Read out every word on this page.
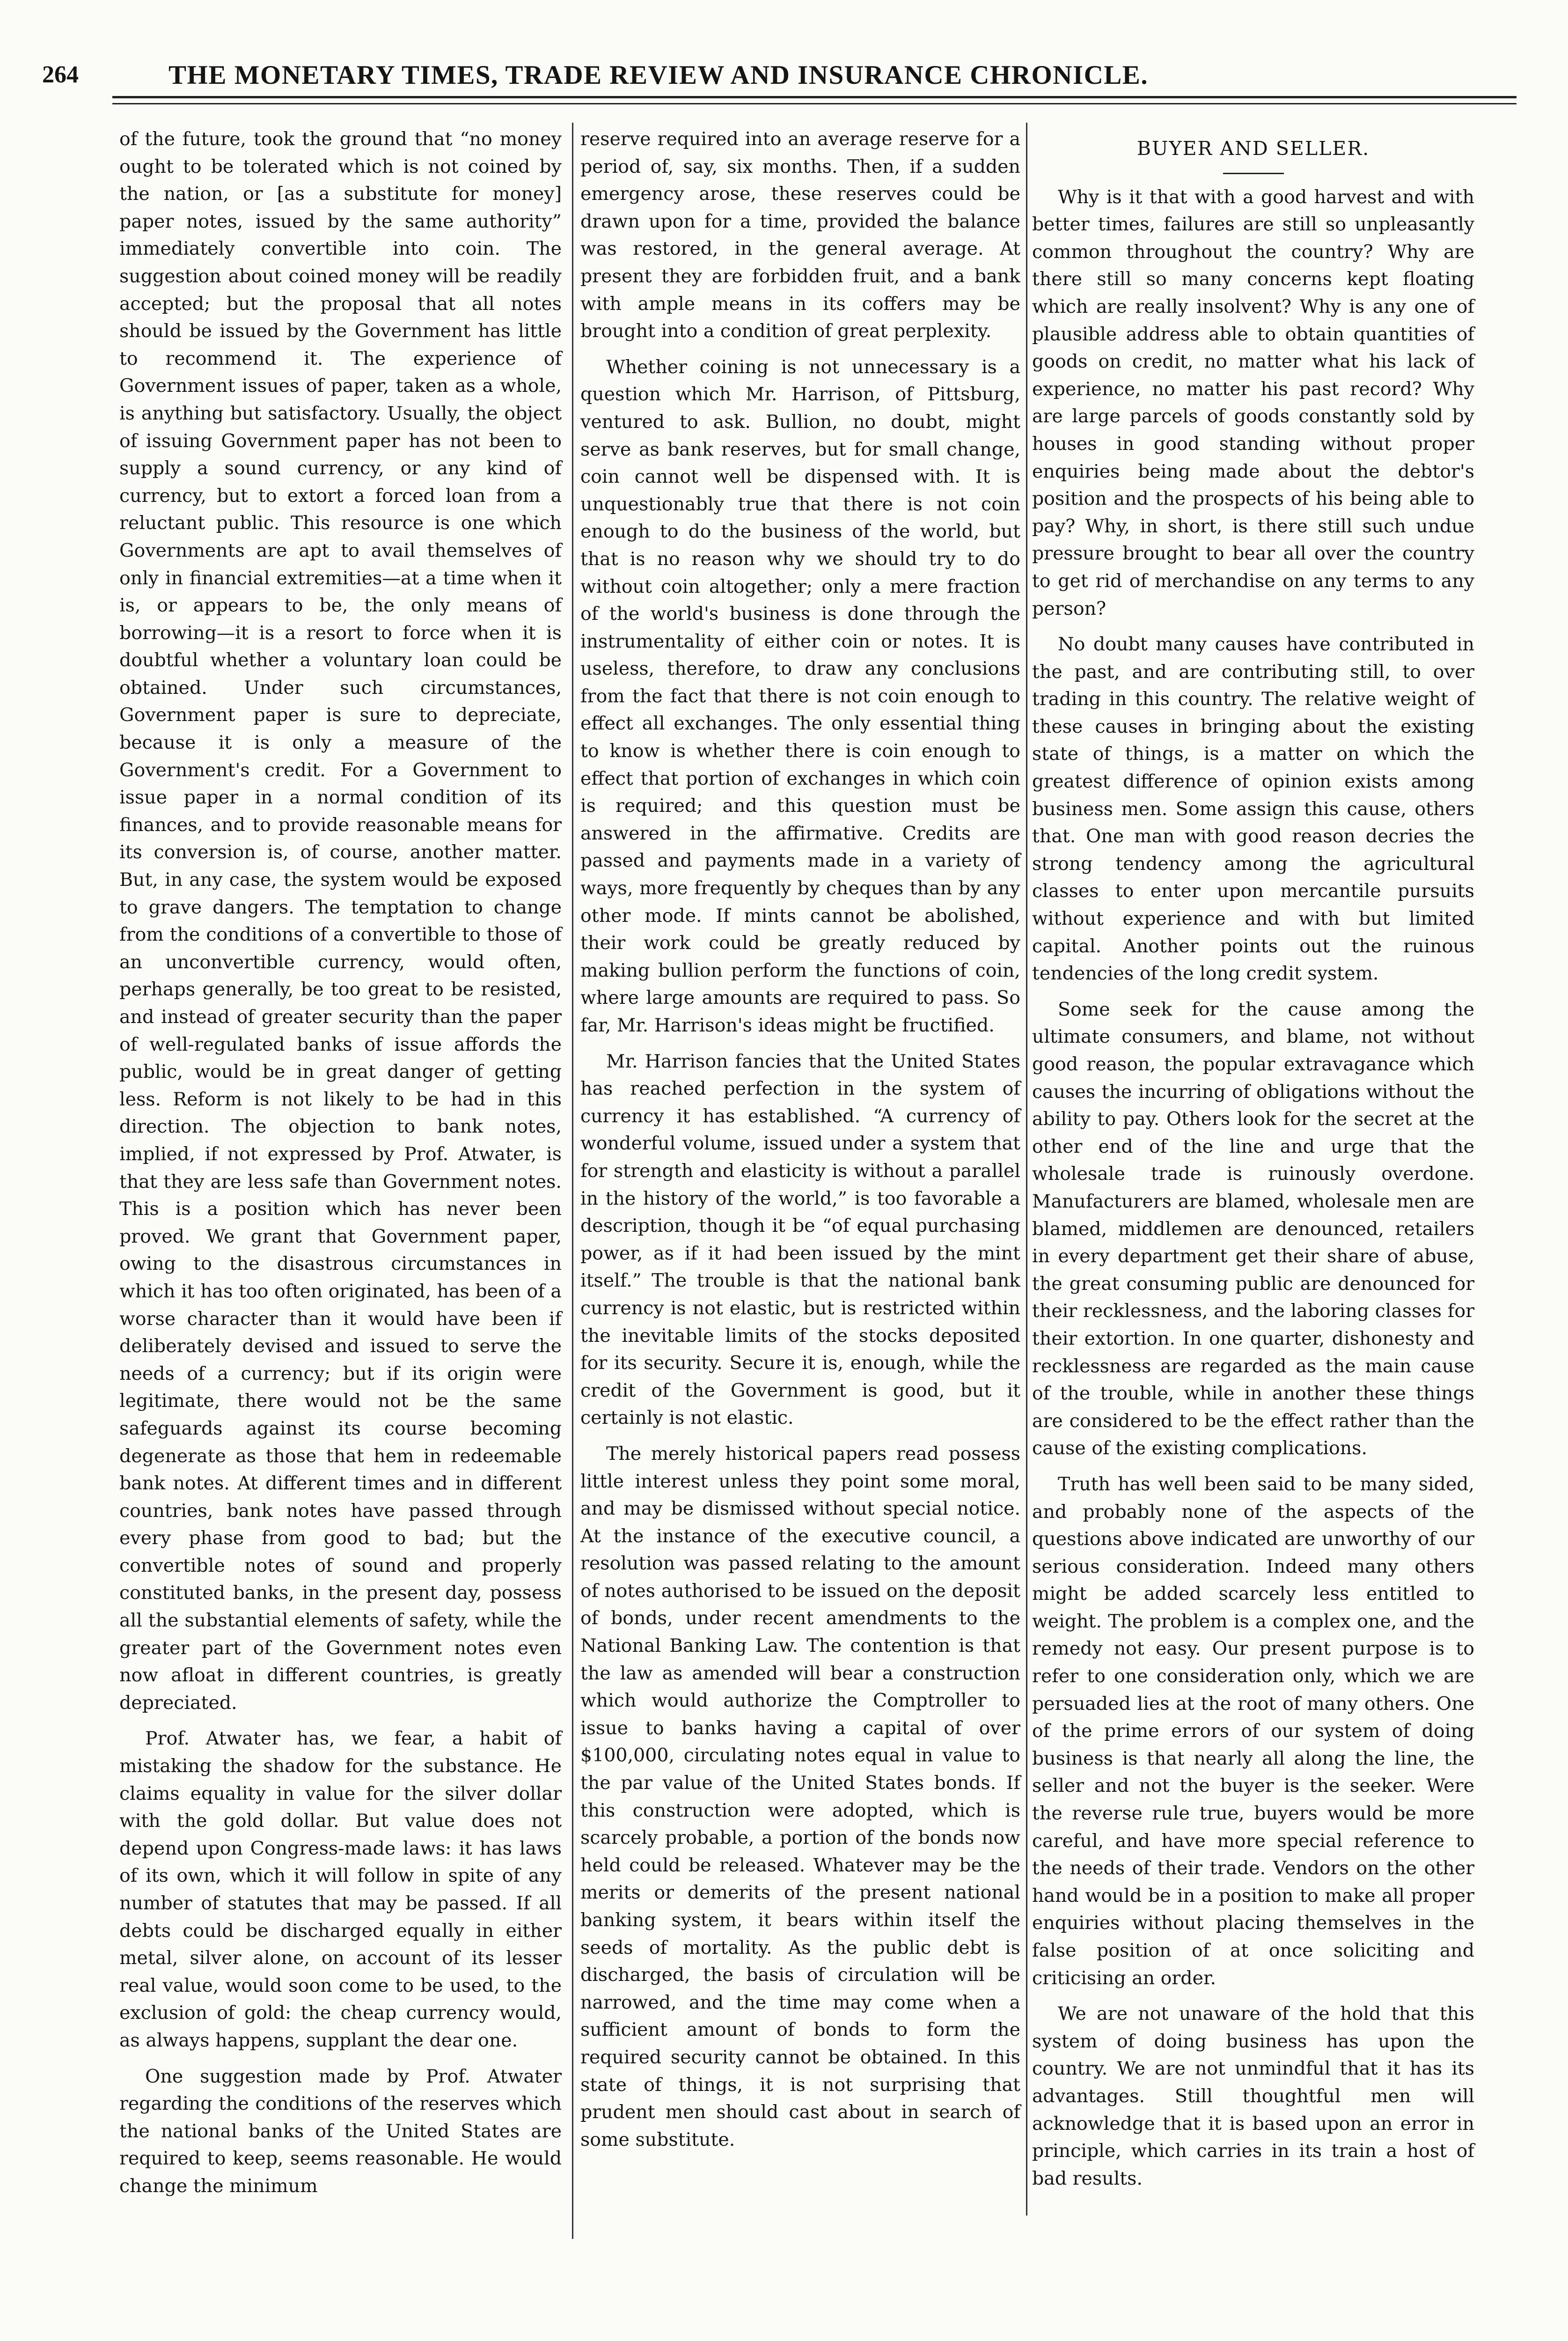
264	THE MONETARY TIMES, TRADE REVIEW AND INSURANCE CHRONICLE.

of the future, took the ground that “no money ought to be tolerated which is not coined by the nation, or [as a substitute for money] paper notes, issued by the same authority” immediately convertible into coin. The suggestion about coined money will be readily accepted; but the proposal that all notes should be issued by the Government has little to recommend it. The experience of Government issues of paper, taken as a whole, is anything but satisfactory. Usually, the object of issuing Government paper has not been to supply a sound currency, or any kind of currency, but to extort a forced loan from a reluctant public. This resource is one which Governments are apt to avail themselves of only in financial extremities—at a time when it is, or appears to be, the only means of borrowing—it is a resort to force when it is doubtful whether a voluntary loan could be obtained. Under such circumstances, Government paper is sure to depreciate, because it is only a measure of the Government's credit. For a Government to issue paper in a normal condition of its finances, and to provide reasonable means for its conversion is, of course, another matter. But, in any case, the system would be exposed to grave dangers. The temptation to change from the conditions of a convertible to those of an unconvertible currency, would often, perhaps generally, be too great to be resisted, and instead of greater security than the paper of well-regulated banks of issue affords the public, would be in great danger of getting less. Reform is not likely to be had in this direction. The objection to bank notes, implied, if not expressed by Prof. Atwater, is that they are less safe than Government notes. This is a position which has never been proved. We grant that Government paper, owing to the disastrous circumstances in which it has too often originated, has been of a worse character than it would have been if deliberately devised and issued to serve the needs of a currency; but if its origin were legitimate, there would not be the same safeguards against its course becoming degenerate as those that hem in redeemable bank notes. At different times and in different countries, bank notes have passed through every phase from good to bad; but the convertible notes of sound and properly constituted banks, in the present day, possess all the substantial elements of safety, while the greater part of the Government notes even now afloat in different countries, is greatly depreciated.

Prof. Atwater has, we fear, a habit of mistaking the shadow for the substance. He claims equality in value for the silver dollar with the gold dollar. But value does not depend upon Congress-made laws: it has laws of its own, which it will follow in spite of any number of statutes that may be passed. If all debts could be discharged equally in either metal, silver alone, on account of its lesser real value, would soon come to be used, to the exclusion of gold: the cheap currency would, as always happens, supplant the dear one.

One suggestion made by Prof. Atwater regarding the conditions of the reserves which the national banks of the United States are required to keep, seems reasonable. He would change the minimum

reserve required into an average reserve for a period of, say, six months. Then, if a sudden emergency arose, these reserves could be drawn upon for a time, provided the balance was restored, in the general average. At present they are forbidden fruit, and a bank with ample means in its coffers may be brought into a condition of great perplexity.

Whether coining is not unnecessary is a question which Mr. Harrison, of Pittsburg, ventured to ask. Bullion, no doubt, might serve as bank reserves, but for small change, coin cannot well be dispensed with. It is unquestionably true that there is not coin enough to do the business of the world, but that is no reason why we should try to do without coin altogether; only a mere fraction of the world's business is done through the instrumentality of either coin or notes. It is useless, therefore, to draw any conclusions from the fact that there is not coin enough to effect all exchanges. The only essential thing to know is whether there is coin enough to effect that portion of exchanges in which coin is required; and this question must be answered in the affirmative. Credits are passed and payments made in a variety of ways, more frequently by cheques than by any other mode. If mints cannot be abolished, their work could be greatly reduced by making bullion perform the functions of coin, where large amounts are required to pass. So far, Mr. Harrison's ideas might be fructified.

Mr. Harrison fancies that the United States has reached perfection in the system of currency it has established. “A currency of wonderful volume, issued under a system that for strength and elasticity is without a parallel in the history of the world,” is too favorable a description, though it be “of equal purchasing power, as if it had been issued by the mint itself.” The trouble is that the national bank currency is not elastic, but is restricted within the inevitable limits of the stocks deposited for its security. Secure it is, enough, while the credit of the Government is good, but it certainly is not elastic.

The merely historical papers read possess little interest unless they point some moral, and may be dismissed without special notice. At the instance of the executive council, a resolution was passed relating to the amount of notes authorised to be issued on the deposit of bonds, under recent amendments to the National Banking Law. The contention is that the law as amended will bear a construction which would authorize the Comptroller to issue to banks having a capital of over $100,000, circulating notes equal in value to the par value of the United States bonds. If this construction were adopted, which is scarcely probable, a portion of the bonds now held could be released. Whatever may be the merits or demerits of the present national banking system, it bears within itself the seeds of mortality. As the public debt is discharged, the basis of circulation will be narrowed, and the time may come when a sufficient amount of bonds to form the required security cannot be obtained. In this state of things, it is not surprising that prudent men should cast about in search of some substitute.

BUYER AND SELLER.

Why is it that with a good harvest and with better times, failures are still so unpleasantly common throughout the country? Why are there still so many concerns kept floating which are really insolvent? Why is any one of plausible address able to obtain quantities of goods on credit, no matter what his lack of experience, no matter his past record? Why are large parcels of goods constantly sold by houses in good standing without proper enquiries being made about the debtor's position and the prospects of his being able to pay? Why, in short, is there still such undue pressure brought to bear all over the country to get rid of merchandise on any terms to any person?

No doubt many causes have contributed in the past, and are contributing still, to over trading in this country. The relative weight of these causes in bringing about the existing state of things, is a matter on which the greatest difference of opinion exists among business men. Some assign this cause, others that. One man with good reason decries the strong tendency among the agricultural classes to enter upon mercantile pursuits without experience and with but limited capital. Another points out the ruinous tendencies of the long credit system.

Some seek for the cause among the ultimate consumers, and blame, not without good reason, the popular extravagance which causes the incurring of obligations without the ability to pay. Others look for the secret at the other end of the line and urge that the wholesale trade is ruinously overdone. Manufacturers are blamed, wholesale men are blamed, middlemen are denounced, retailers in every department get their share of abuse, the great consuming public are denounced for their recklessness, and the laboring classes for their extortion. In one quarter, dishonesty and recklessness are regarded as the main cause of the trouble, while in another these things are considered to be the effect rather than the cause of the existing complications.

Truth has well been said to be many sided, and probably none of the aspects of the questions above indicated are unworthy of our serious consideration. Indeed many others might be added scarcely less entitled to weight. The problem is a complex one, and the remedy not easy. Our present purpose is to refer to one consideration only, which we are persuaded lies at the root of many others. One of the prime errors of our system of doing business is that nearly all along the line, the seller and not the buyer is the seeker. Were the reverse rule true, buyers would be more careful, and have more special reference to the needs of their trade. Vendors on the other hand would be in a position to make all proper enquiries without placing themselves in the false position of at once soliciting and criticising an order.

We are not unaware of the hold that this system of doing business has upon the country. We are not unmindful that it has its advantages. Still thoughtful men will acknowledge that it is based upon an error in principle, which carries in its train a host of bad results.
